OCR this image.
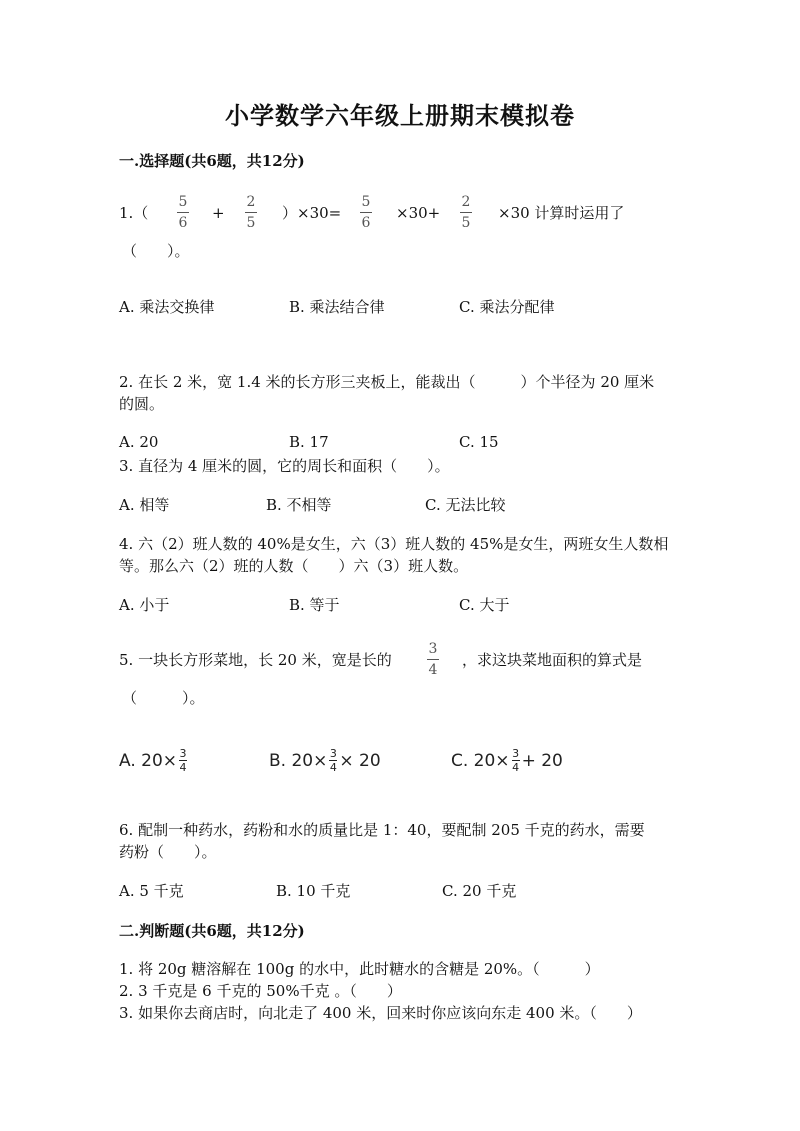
小学数学六年级上册期末模拟卷
一.选择题(共6题，共12分)
1.（
5
6
+
2
5
）×30=
5
6
×30+
2
5
×30 计算时运用了
（　　）。
A. 乘法交换律	B. 乘法结合律	C. 乘法分配律
2. 在长 2 米，宽 1.4 米的长方形三夹板上，能裁出（　　　）个半径为 20 厘米
的圆。
A. 20	B. 17	C. 15
3. 直径为 4 厘米的圆，它的周长和面积（　　）。
A. 相等	B. 不相等	C. 无法比较
4. 六（2）班人数的 40%是女生，六（3）班人数的 45%是女生，两班女生人数相
等。那么六（2）班的人数（　　）六（3）班人数。
A. 小于	B. 等于	C. 大于
5. 一块长方形菜地，长 20 米，宽是长的
3
4
，求这块菜地面积的算式是
（　　　）。
A. 20× 3
4	B. 20× 3
4 × 20	C. 20× 3
4 + 20
6. 配制一种药水，药粉和水的质量比是 1：40，要配制 205 千克的药水，需要
药粉（　　）。
A. 5 千克	B. 10 千克	C. 20 千克
二.判断题(共6题，共12分)
1. 将 20g 糖溶解在 100g 的水中，此时糖水的含糖是 20%。（　　　）
2. 3 千克是 6 千克的 50%千克 。（　　）
3. 如果你去商店时，向北走了 400 米，回来时你应该向东走 400 米。（　　）
